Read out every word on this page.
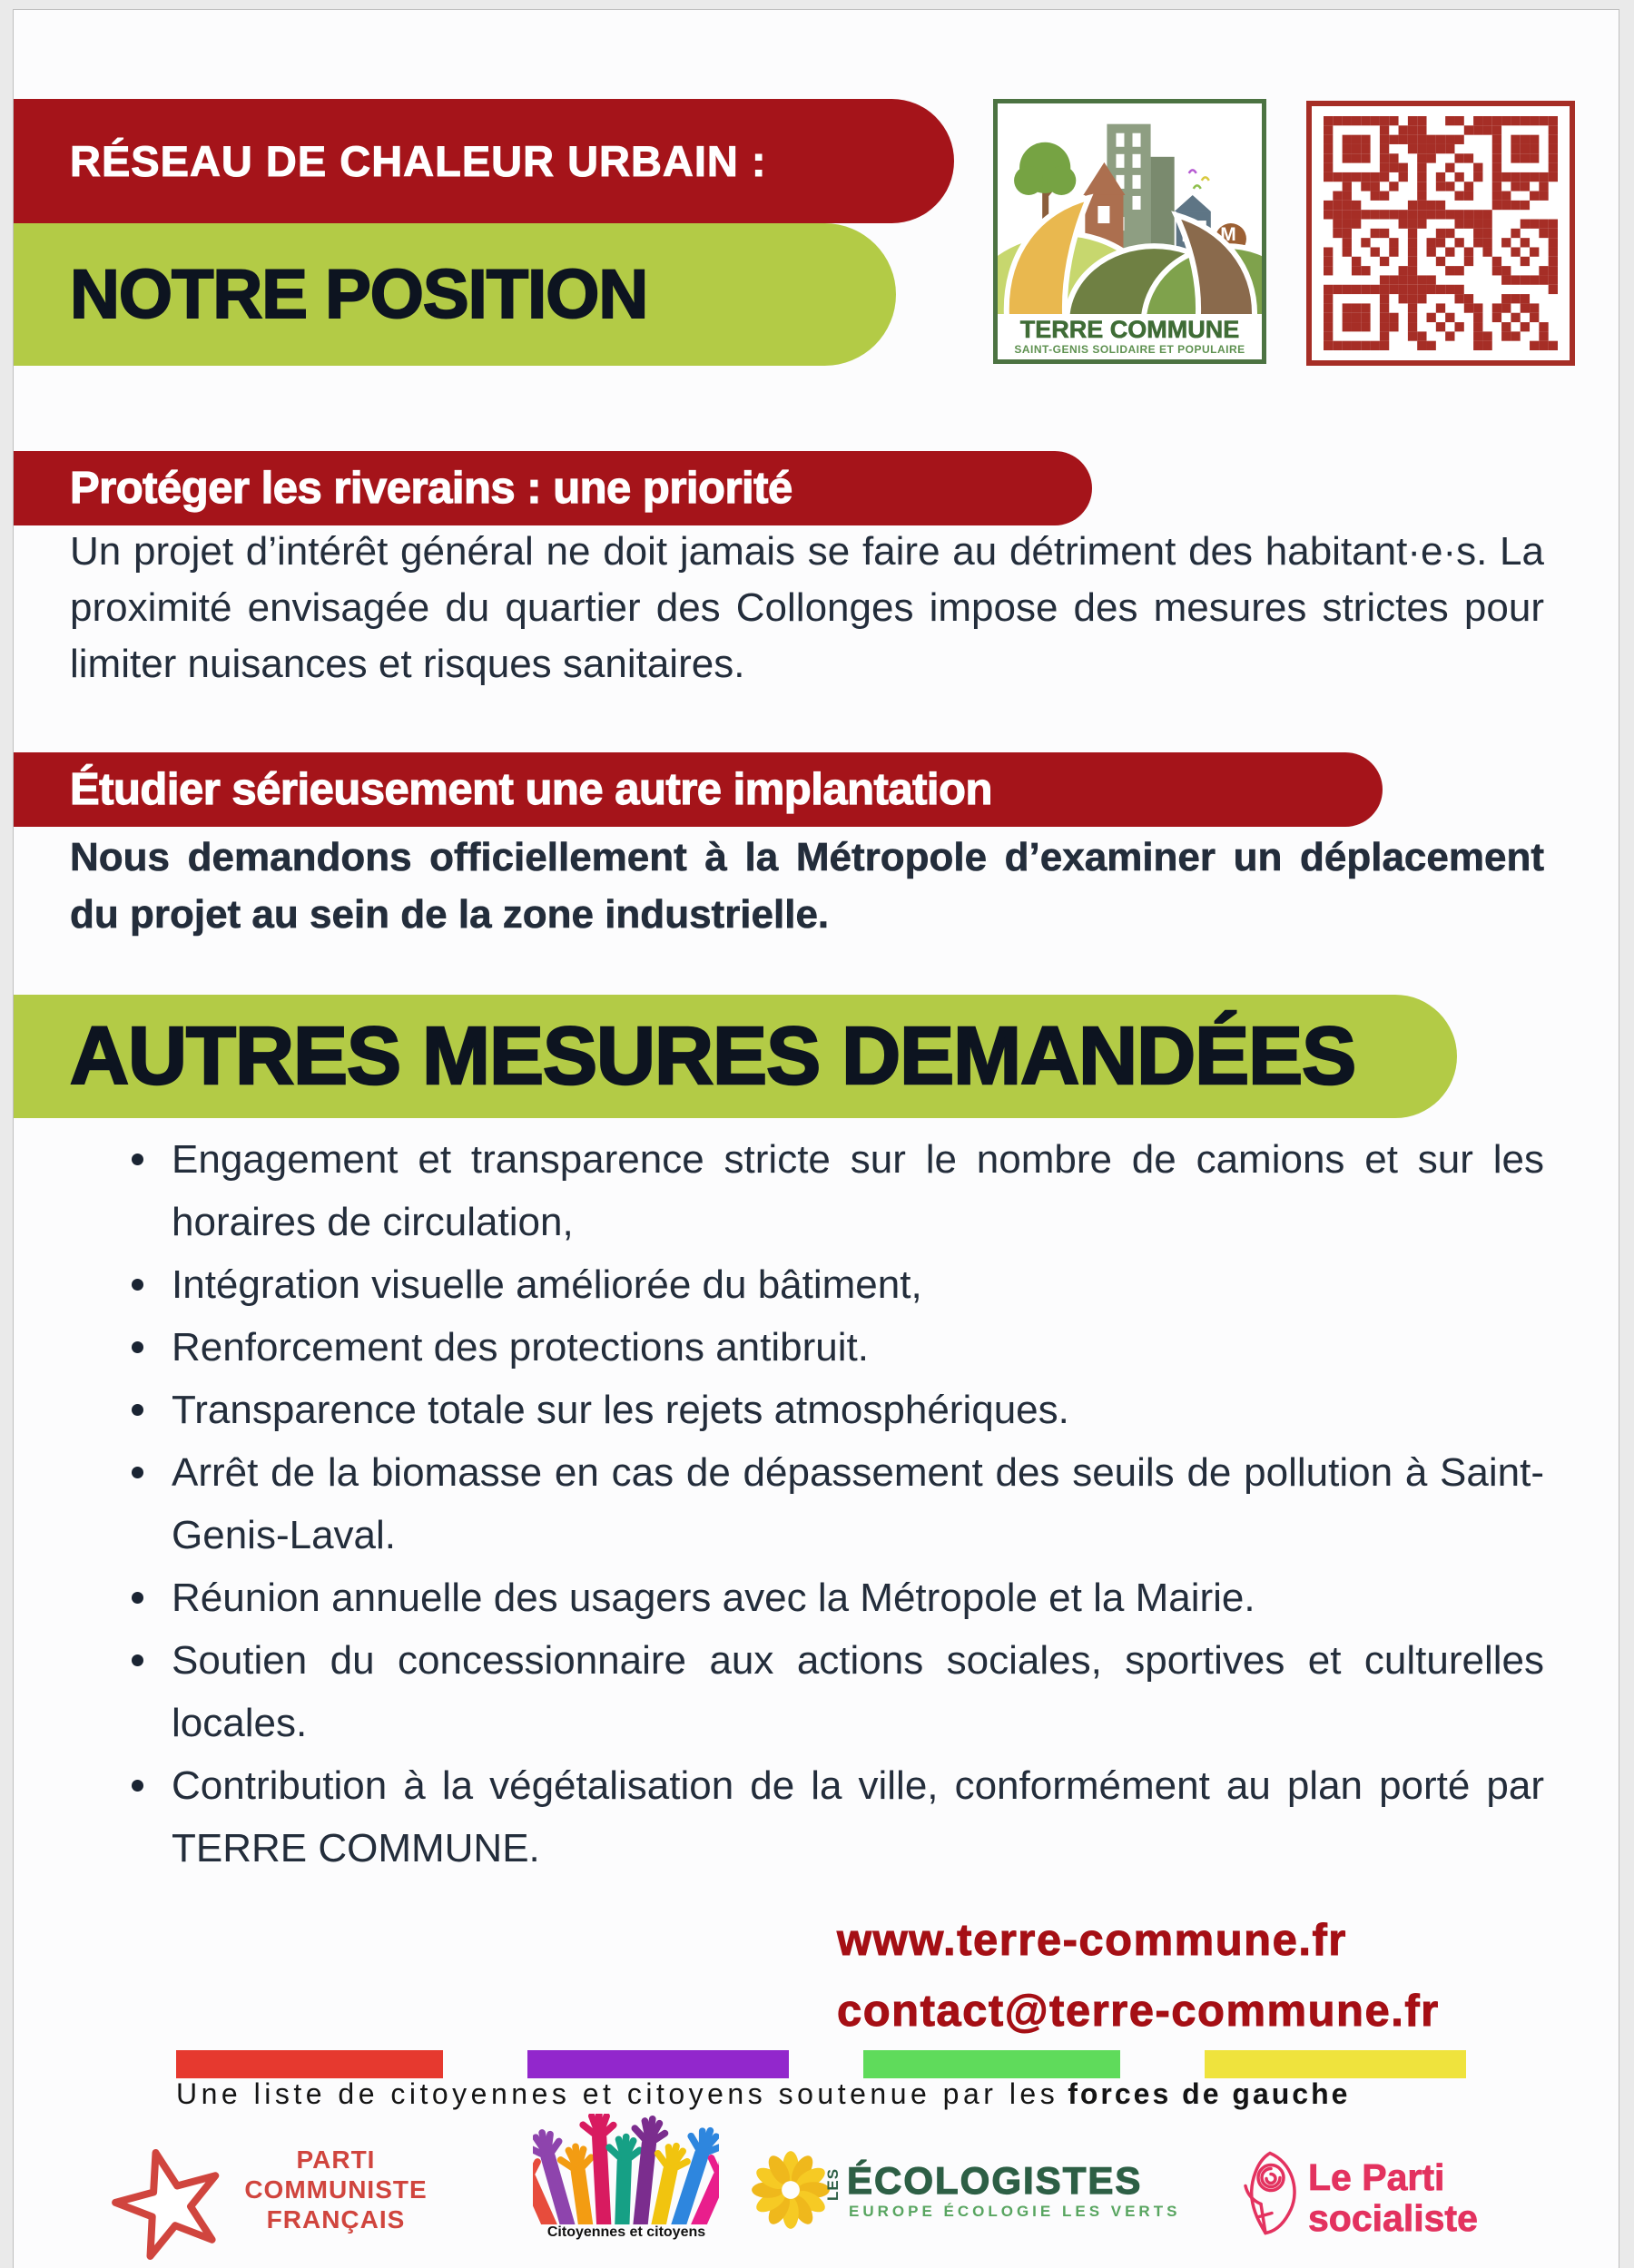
RÉSEAU DE CHALEUR URBAIN :
NOTRE POSITION
M
TERRE COMMUNE
SAINT-GENIS SOLIDAIRE ET POPULAIRE
Protéger les riverains : une priorité
Un projet d’intérêt général ne doit jamais se faire au détriment des habitant·e·s. La proximité envisagée du quartier des Collonges impose des mesures strictes pour limiter nuisances et risques sanitaires.
Étudier sérieusement une autre implantation
Nous demandons officiellement à la Métropole d’examiner un déplacement du projet au sein de la zone industrielle.
AUTRES MESURES DEMANDÉES
Engagement et transparence stricte sur le nombre de camions et sur les horaires de circulation,
Intégration visuelle améliorée du bâtiment,
Renforcement des protections antibruit.
Transparence totale sur les rejets atmosphériques.
Arrêt de la biomasse en cas de dépassement des seuils de pollution à Saint-Genis-Laval.
Réunion annuelle des usagers avec la Métropole et la Mairie.
Soutien du concessionnaire aux actions sociales, sportives et culturelles locales.
Contribution à la végétalisation de la ville, conformément au plan porté par TERRE COMMUNE.
www.terre-commune.fr
contact@terre-commune.fr
Une liste de citoyennes et citoyens soutenue par les forces de gauche
PARTI
COMMUNISTE
FRANÇAIS	Citoyennes et citoyens
LES ÉCOLOGISTES
EUROPE ÉCOLOGIE LES VERTS
Le Parti
socialiste
